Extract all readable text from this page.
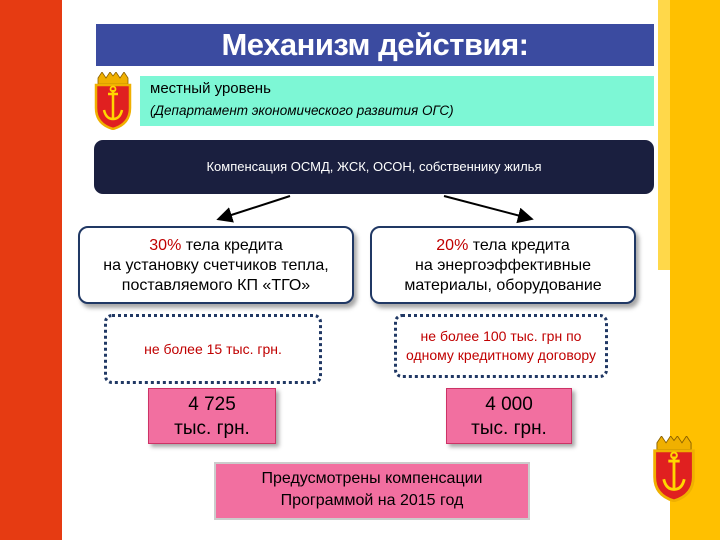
Механизм действия:
местный уровень
(Департамент экономического развития ОГС)
Компенсация ОСМД, ЖСК, ОСОН, собственнику жилья
30% тела кредита
на установку счетчиков тепла,
поставляемого КП «ТГО»
20% тела кредита
на энергоэффективные
материалы, оборудование
не более 15 тыс. грн.
не более 100 тыс. грн по одному кредитному договору
4 725
тыс. грн.
4 000
тыс. грн.
Предусмотрены компенсации
Программой на 2015 год
